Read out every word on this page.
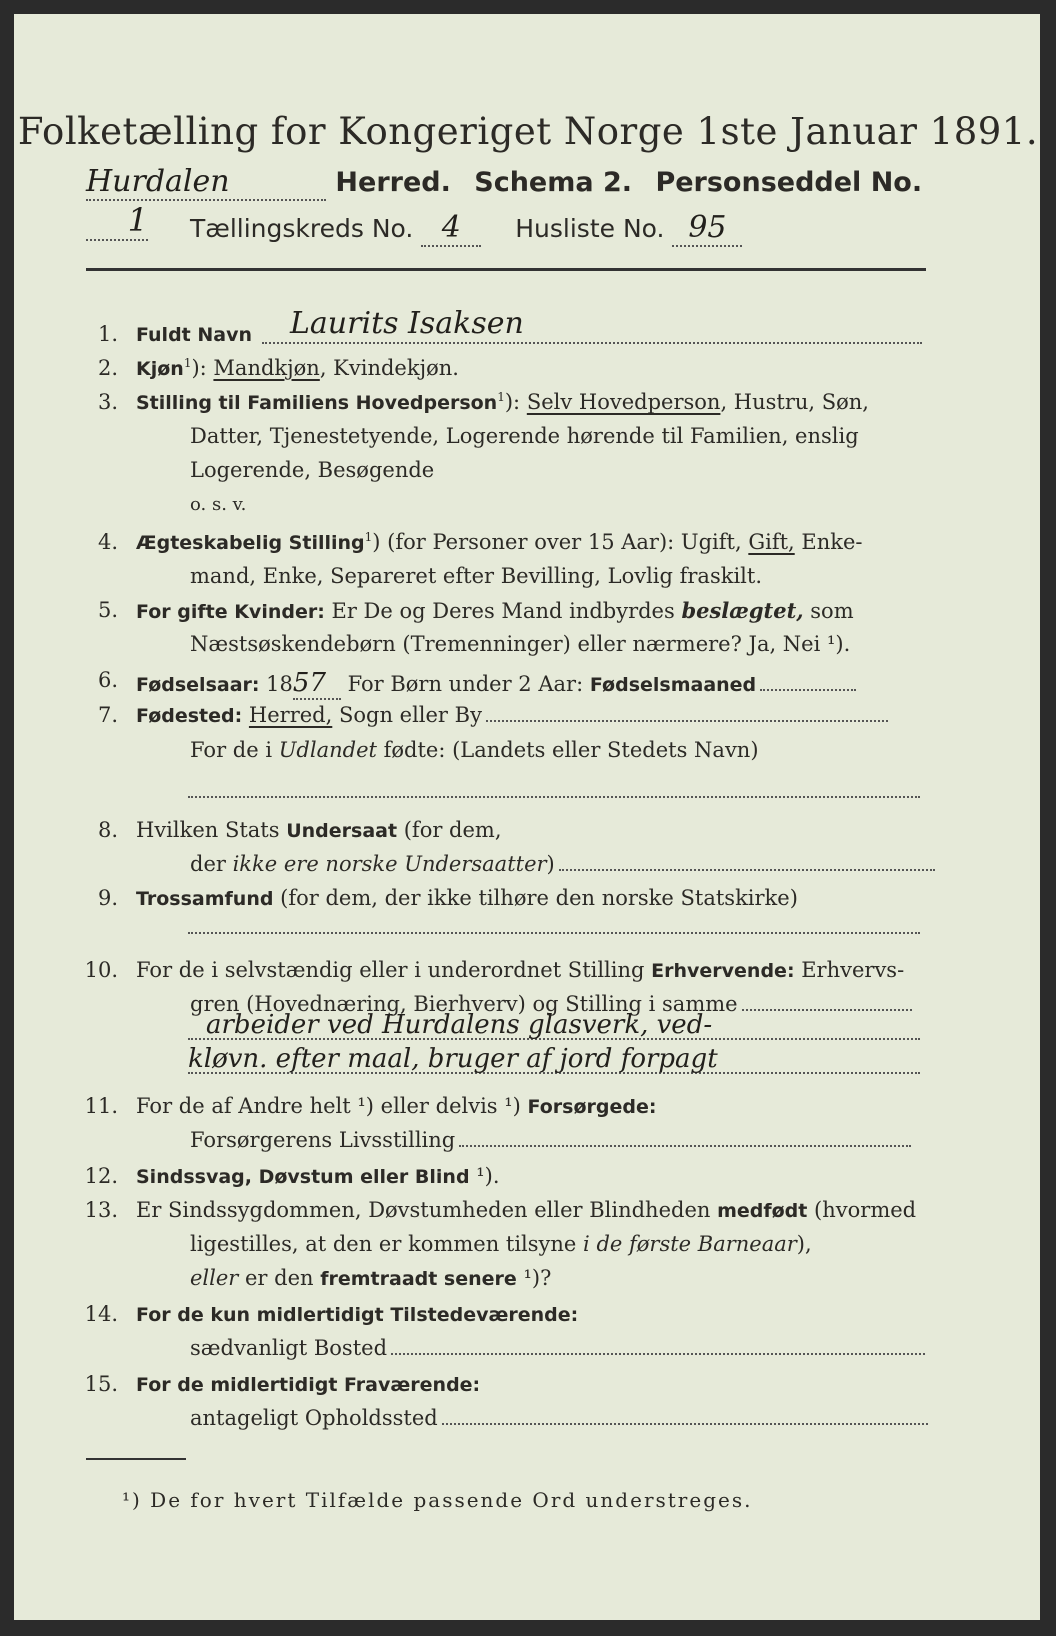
Folketælling for Kongeriget Norge 1ste Januar 1891.
Hurdalen	Herred. Schema 2. Personseddel No. 1	Tællingskreds No. 4 Husliste No. 95
1. Fuldt Navn Laurits Isaksen
2. Kjøn$^1$): Mandkjøn, Kvindekjøn.
3. Stilling til Familiens Hovedperson$^1$): Selv Hovedperson, Hustru, Søn,
Datter, Tjenestetyende, Logerende hørende til Familien, enslig
Logerende, Besøgende
o. s. v.
4. Ægteskabelig Stilling$^1$) (for Personer over 15 Aar): Ugift, Gift, Enke-
mand, Enke, Separeret efter Bevilling, Lovlig fraskilt.
5. For gifte Kvinder: Er De og Deres Mand indbyrdes beslægtet, som
Næstsøskendebørn (Tremenninger) eller nærmere? Ja, Nei ¹).
6. Fødselsaar: 1857 For Børn under 2 Aar: Fødselsmaaned
7. Fødested: Herred, Sogn eller By
For de i Udlandet fødte: (Landets eller Stedets Navn)
8. Hvilken Stats Undersaat (for dem,
der ikke ere norske Undersaatter)
9. Trossamfund (for dem, der ikke tilhøre den norske Statskirke)
10. For de i selvstændig eller i underordnet Stilling Erhvervende: Erhvervs-
gren (Hovednæring, Bierhverv) og Stilling i samme
arbeider ved Hurdalens glasverk, ved-
kløvn. efter maal, bruger af jord forpagt
11. For de af Andre helt ¹) eller delvis ¹) Forsørgede:
Forsørgerens Livsstilling
12. Sindssvag, Døvstum eller Blind ¹).
13. Er Sindssygdommen, Døvstumheden eller Blindheden medfødt (hvormed
ligestilles, at den er kommen tilsyne i de første Barneaar),
eller er den fremtraadt senere ¹)?
14. For de kun midlertidigt Tilstedeværende:
sædvanligt Bosted
15. For de midlertidigt Fraværende:
antageligt Opholdssted
¹) De for hvert Tilfælde passende Ord understreges.
